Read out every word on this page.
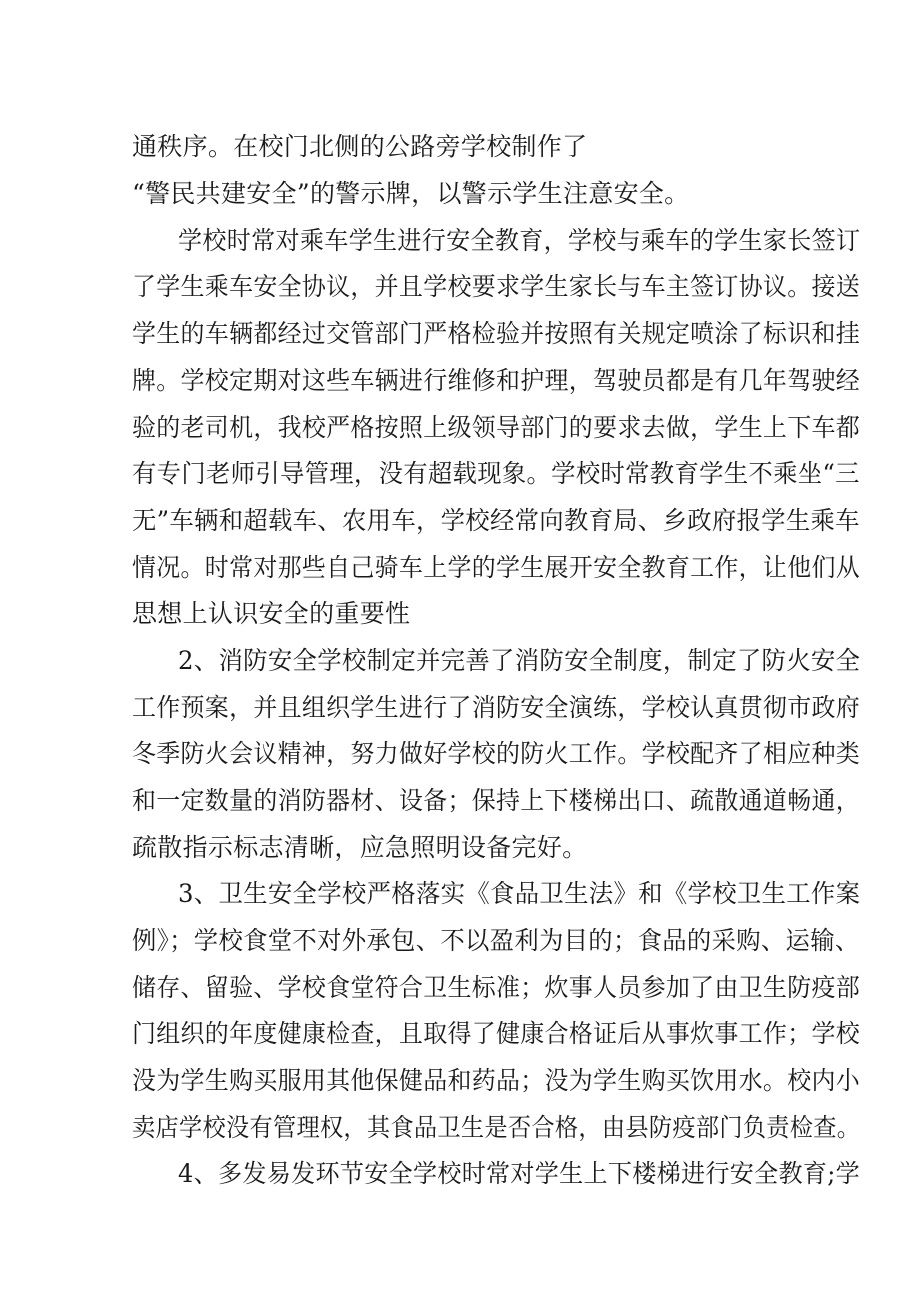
通秩序。在校门北侧的公路旁学校制作了
“警民共建安全”的警示牌，以警示学生注意安全。
学校时常对乘车学生进行安全教育，学校与乘车的学生家长签订
了学生乘车安全协议，并且学校要求学生家长与车主签订协议。接送
学生的车辆都经过交管部门严格检验并按照有关规定喷涂了标识和挂
牌。学校定期对这些车辆进行维修和护理，驾驶员都是有几年驾驶经
验的老司机，我校严格按照上级领导部门的要求去做，学生上下车都
有专门老师引导管理，没有超载现象。学校时常教育学生不乘坐“三
无”车辆和超载车、农用车，学校经常向教育局、乡政府报学生乘车
情况。时常对那些自己骑车上学的学生展开安全教育工作，让他们从
思想上认识安全的重要性
2、消防安全学校制定并完善了消防安全制度，制定了防火安全
工作预案，并且组织学生进行了消防安全演练，学校认真贯彻市政府
冬季防火会议精神，努力做好学校的防火工作。学校配齐了相应种类
和一定数量的消防器材、设备；保持上下楼梯出口、疏散通道畅通，
疏散指示标志清晰，应急照明设备完好。
3、卫生安全学校严格落实《食品卫生法》和《学校卫生工作案
例》；学校食堂不对外承包、不以盈利为目的；食品的采购、运输、
储存、留验、学校食堂符合卫生标准；炊事人员参加了由卫生防疫部
门组织的年度健康检查，且取得了健康合格证后从事炊事工作；学校
没为学生购买服用其他保健品和药品；没为学生购买饮用水。校内小
卖店学校没有管理权，其食品卫生是否合格，由县防疫部门负责检查。
4、多发易发环节安全学校时常对学生上下楼梯进行安全教育;学
